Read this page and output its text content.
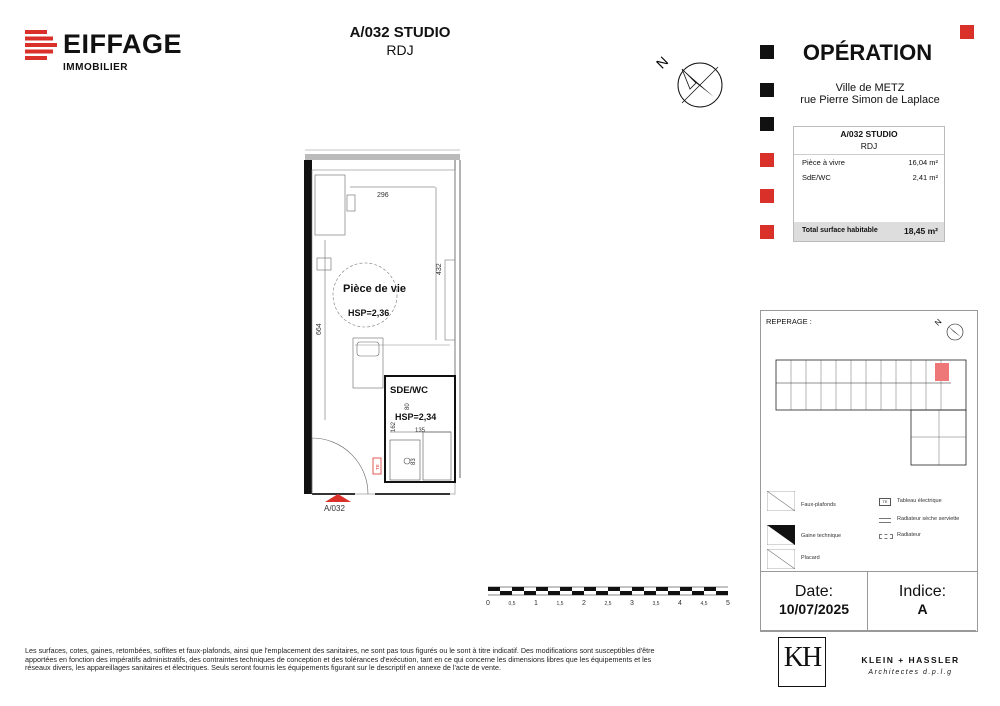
EIFFAGE
IMMOBILIER
A/032 STUDIO
RDJ
N
296
432
664
Pièce de vie
HSP=2,36
SDE/WC
HSP=2,34
135
80
162
83
TE
A/032
0	0,5	1	1,5	2	2,5	3	3,5	4	4,5	5
OPÉRATION
Ville de METZ
rue Pierre Simon de Laplace
A/032 STUDIO
RDJ
Pièce à vivre	16,04 m²
SdE/WC	2,41 m²
Total surface habitable	18,45 m²
REPERAGE :	N
Faux-plafonds
Gaine technique
Placard
TE	Tableau électrique
Radiateur sèche serviette
Radiateur
Date:
10/07/2025
Indice:
A
KH	KLEIN + HASSLER
Architectes d.p.l.g
Les surfaces, cotes, gaines, retombées, soffites et faux-plafonds, ainsi que l'emplacement des sanitaires, ne sont pas tous figurés ou le sont à titre indicatif. Des modifications sont susceptibles d'être apportées en fonction des impératifs administratifs, des contraintes techniques de conception et des tolérances d'exécution, tant en ce qui concerne les dimensions libres que les équipements et les réseaux divers, les appareillages sanitaires et électriques. Seuls seront fournis les équipements figurant sur le descriptif en annexe de l'acte de vente.
